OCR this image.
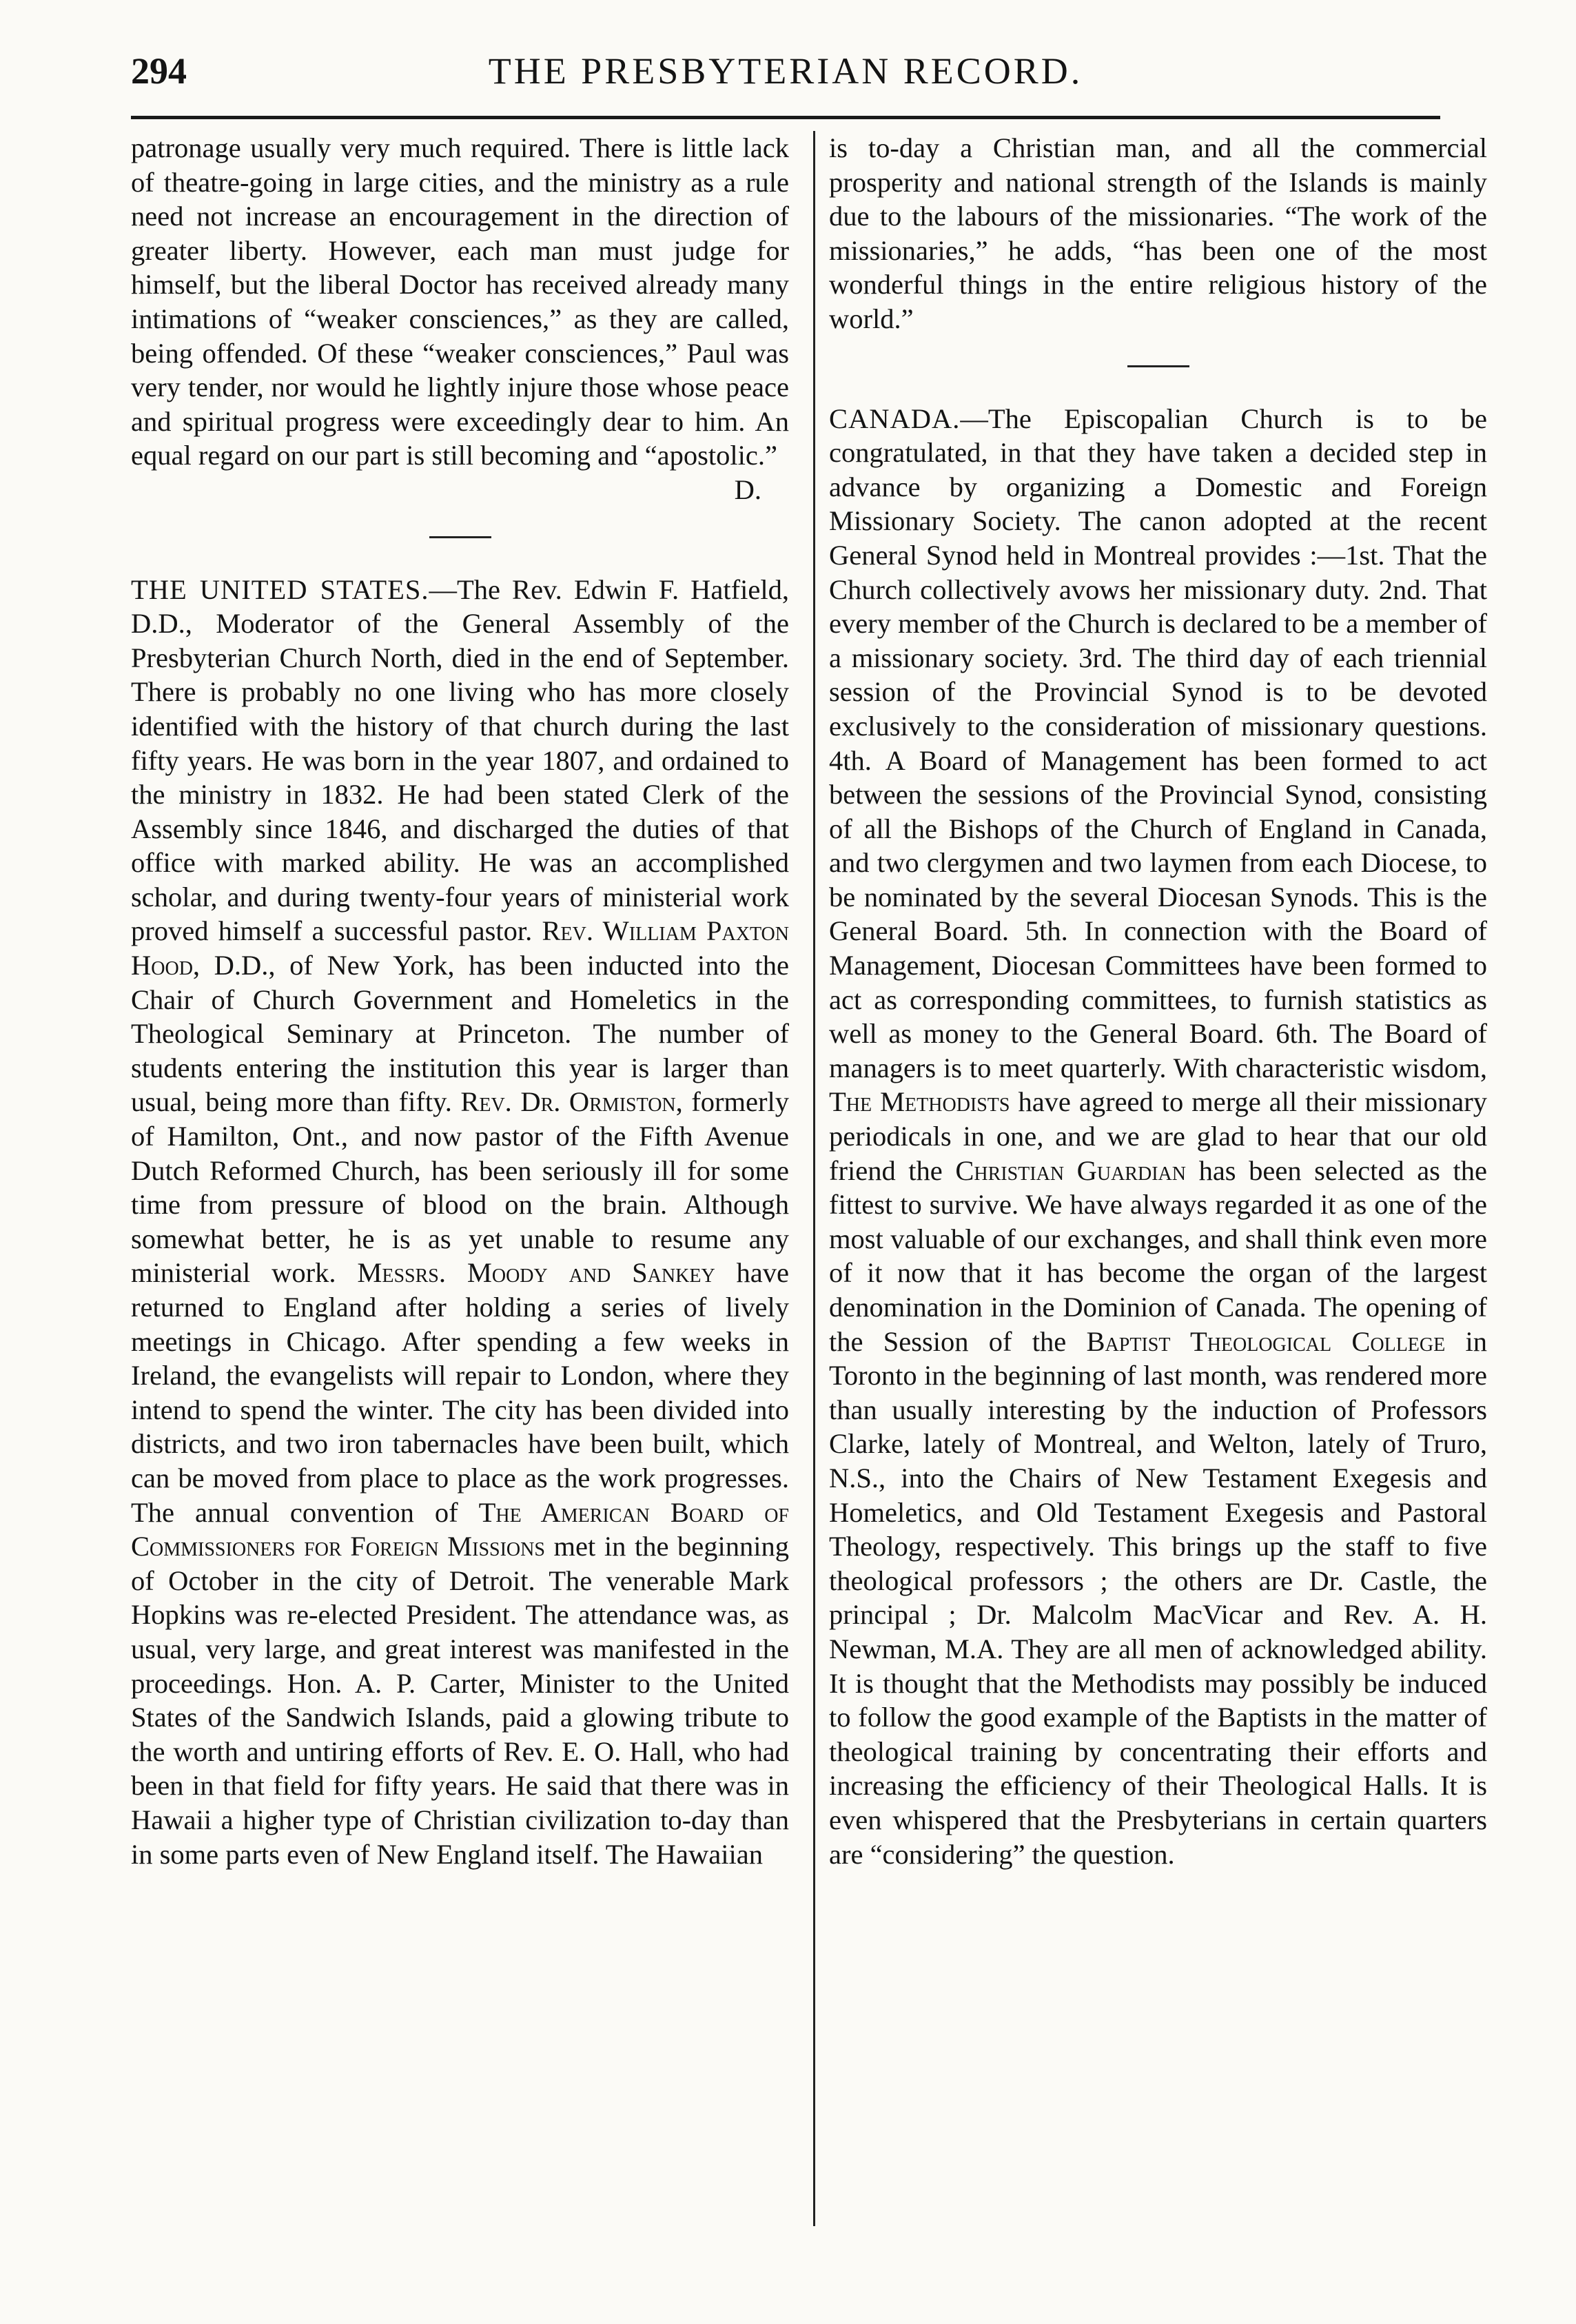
294	THE PRESBYTERIAN RECORD.

patronage usually very much required. There is little lack of theatre-going in large cities, and the ministry as a rule need not increase an encouragement in the direction of greater liberty. However, each man must judge for himself, but the liberal Doctor has received already many intimations of “weaker consciences,” as they are called, being offended. Of these “weaker consciences,” Paul was very tender, nor would he lightly injure those whose peace and spiritual progress were exceedingly dear to him. An equal regard on our part is still becoming and “apostolic.”
D.

THE UNITED STATES.—The Rev. Edwin F. Hatfield, D.D., Moderator of the General Assembly of the Presbyterian Church North, died in the end of September. There is probably no one living who has more closely identified with the history of that church during the last fifty years. He was born in the year 1807, and ordained to the ministry in 1832. He had been stated Clerk of the Assembly since 1846, and discharged the duties of that office with marked ability. He was an accomplished scholar, and during twenty-four years of ministerial work proved himself a successful pastor. Rev. William Paxton Hood, D.D., of New York, has been inducted into the Chair of Church Government and Homeletics in the Theological Seminary at Princeton. The number of students entering the institution this year is larger than usual, being more than fifty. Rev. Dr. Ormiston, formerly of Hamilton, Ont., and now pastor of the Fifth Avenue Dutch Reformed Church, has been seriously ill for some time from pressure of blood on the brain. Although somewhat better, he is as yet unable to resume any ministerial work. Messrs. Moody and Sankey have returned to England after holding a series of lively meetings in Chicago. After spending a few weeks in Ireland, the evangelists will repair to London, where they intend to spend the winter. The city has been divided into districts, and two iron tabernacles have been built, which can be moved from place to place as the work progresses. The annual convention of The American Board of Commissioners for Foreign Missions met in the beginning of October in the city of Detroit. The venerable Mark Hopkins was re-elected President. The attendance was, as usual, very large, and great interest was manifested in the proceedings. Hon. A. P. Carter, Minister to the United States of the Sandwich Islands, paid a glowing tribute to the worth and untiring efforts of Rev. E. O. Hall, who had been in that field for fifty years. He said that there was in Hawaii a higher type of Christian civilization to-day than in some parts even of New England itself. The Hawaiian

is to-day a Christian man, and all the commercial prosperity and national strength of the Islands is mainly due to the labours of the missionaries. “The work of the missionaries,” he adds, “has been one of the most wonderful things in the entire religious history of the world.”

CANADA.—The Episcopalian Church is to be congratulated, in that they have taken a decided step in advance by organizing a Domestic and Foreign Missionary Society. The canon adopted at the recent General Synod held in Montreal provides :—1st. That the Church collectively avows her missionary duty. 2nd. That every member of the Church is declared to be a member of a missionary society. 3rd. The third day of each triennial session of the Provincial Synod is to be devoted exclusively to the consideration of missionary questions. 4th. A Board of Management has been formed to act between the sessions of the Provincial Synod, consisting of all the Bishops of the Church of England in Canada, and two clergymen and two laymen from each Diocese, to be nominated by the several Diocesan Synods. This is the General Board. 5th. In connection with the Board of Management, Diocesan Committees have been formed to act as corresponding committees, to furnish statistics as well as money to the General Board. 6th. The Board of managers is to meet quarterly. With characteristic wisdom, The Methodists have agreed to merge all their missionary periodicals in one, and we are glad to hear that our old friend the Christian Guardian has been selected as the fittest to survive. We have always regarded it as one of the most valuable of our exchanges, and shall think even more of it now that it has become the organ of the largest denomination in the Dominion of Canada. The opening of the Session of the Baptist Theological College in Toronto in the beginning of last month, was rendered more than usually interesting by the induction of Professors Clarke, lately of Montreal, and Welton, lately of Truro, N.S., into the Chairs of New Testament Exegesis and Homeletics, and Old Testament Exegesis and Pastoral Theology, respectively. This brings up the staff to five theological professors ; the others are Dr. Castle, the principal ; Dr. Malcolm MacVicar and Rev. A. H. Newman, M.A. They are all men of acknowledged ability. It is thought that the Methodists may possibly be induced to follow the good example of the Baptists in the matter of theological training by concentrating their efforts and increasing the efficiency of their Theological Halls. It is even whispered that the Presbyterians in certain quarters are “considering” the question.
